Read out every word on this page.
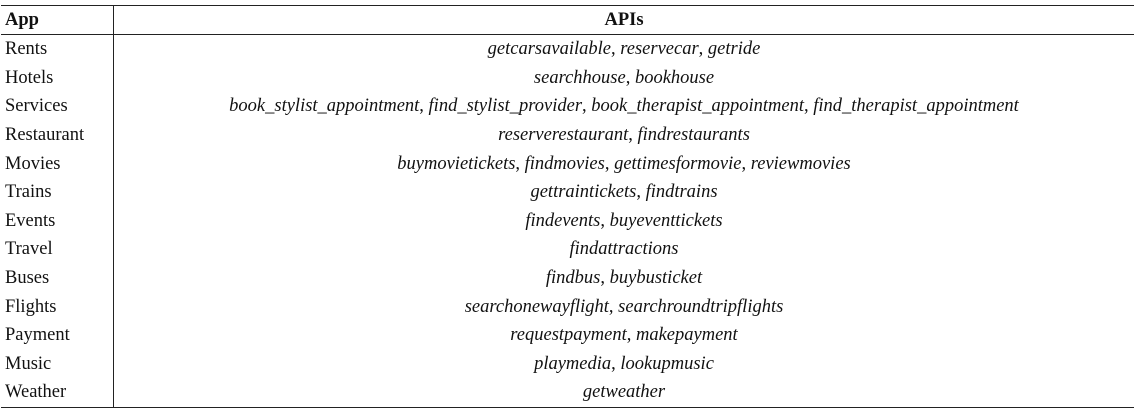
App	APIs
Rents	getcarsavailable, reservecar, getride
Hotels	searchhouse, bookhouse
Services	book_stylist_appointment, find_stylist_provider, book_therapist_appointment, find_therapist_appointment
Restaurant	reserverestaurant, findrestaurants
Movies	buymovietickets, findmovies, gettimesformovie, reviewmovies
Trains	gettraintickets, findtrains
Events	findevents, buyeventtickets
Travel	findattractions
Buses	findbus, buybusticket
Flights	searchonewayflight, searchroundtripflights
Payment	requestpayment, makepayment
Music	playmedia, lookupmusic
Weather	getweather
